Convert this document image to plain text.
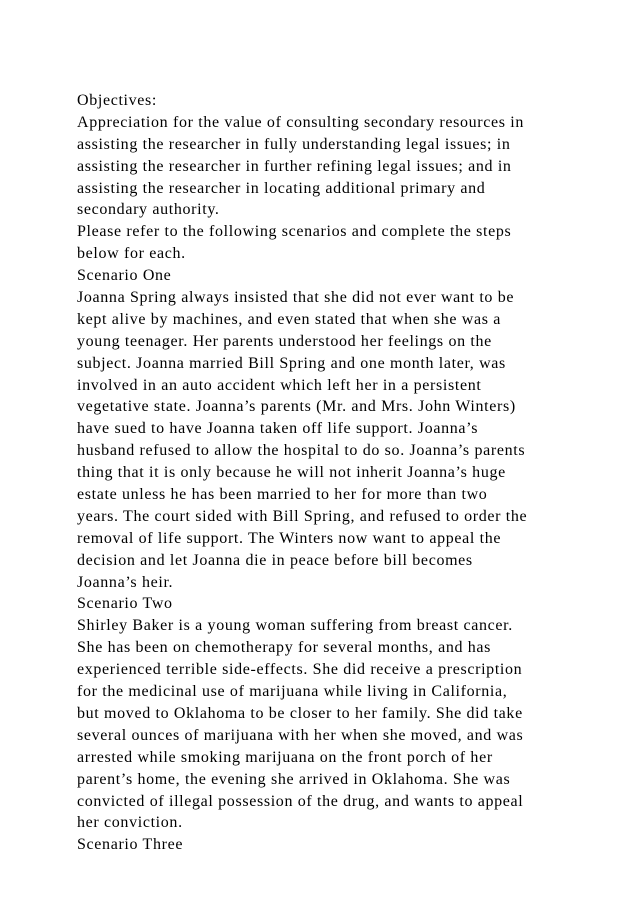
Objectives:
Appreciation for the value of consulting secondary resources in
assisting the researcher in fully understanding legal issues; in
assisting the researcher in further refining legal issues; and in
assisting the researcher in locating additional primary and
secondary authority.
Please refer to the following scenarios and complete the steps
below for each.
Scenario One
Joanna Spring always insisted that she did not ever want to be
kept alive by machines, and even stated that when she was a
young teenager. Her parents understood her feelings on the
subject. Joanna married Bill Spring and one month later, was
involved in an auto accident which left her in a persistent
vegetative state. Joanna’s parents (Mr. and Mrs. John Winters)
have sued to have Joanna taken off life support. Joanna’s
husband refused to allow the hospital to do so. Joanna’s parents
thing that it is only because he will not inherit Joanna’s huge
estate unless he has been married to her for more than two
years. The court sided with Bill Spring, and refused to order the
removal of life support. The Winters now want to appeal the
decision and let Joanna die in peace before bill becomes
Joanna’s heir.
Scenario Two
Shirley Baker is a young woman suffering from breast cancer.
She has been on chemotherapy for several months, and has
experienced terrible side-effects. She did receive a prescription
for the medicinal use of marijuana while living in California,
but moved to Oklahoma to be closer to her family. She did take
several ounces of marijuana with her when she moved, and was
arrested while smoking marijuana on the front porch of her
parent’s home, the evening she arrived in Oklahoma. She was
convicted of illegal possession of the drug, and wants to appeal
her conviction.
Scenario Three
